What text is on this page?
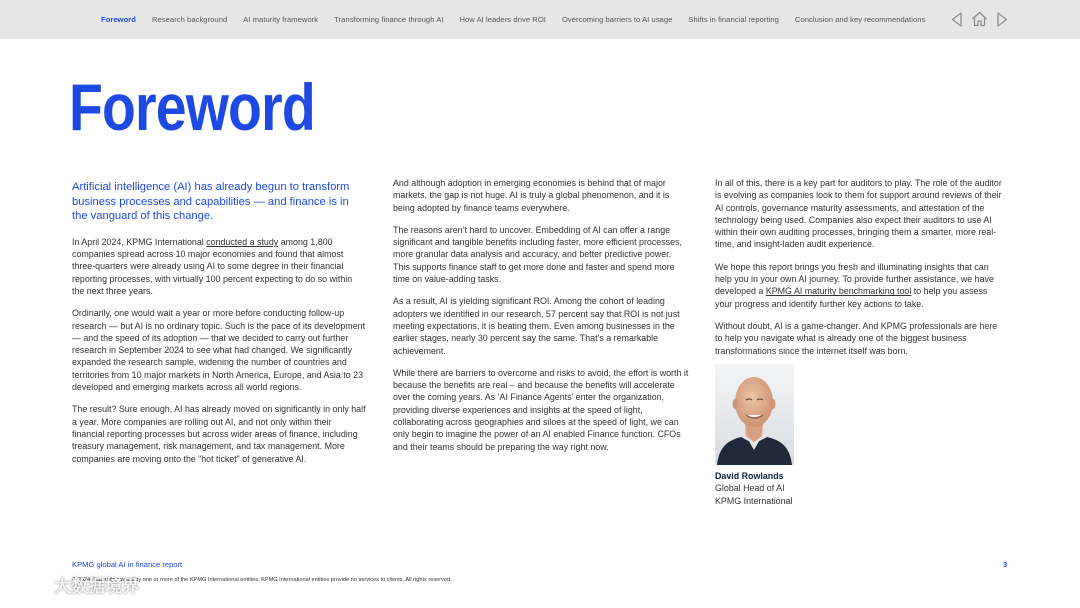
Foreword Research background AI maturity framework Transforming finance through AI How AI leaders drive ROI Overcoming barriers to AI usage Shifts in financial reporting Conclusion and key recommendations
Foreword

Artificial intelligence (AI) has already begun to transform business processes and capabilities — and finance is in the vanguard of this change.

In April 2024, KPMG International conducted a study among 1,800 companies spread across 10 major economies and found that almost three-quarters were already using AI to some degree in their financial reporting processes, with virtually 100 percent expecting to do so within the next three years.

Ordinarily, one would wait a year or more before conducting follow-up research — but AI is no ordinary topic. Such is the pace of its development — and the speed of its adoption — that we decided to carry out further research in September 2024 to see what had changed. We significantly expanded the research sample, widening the number of countries and territories from 10 major markets in North America, Europe, and Asia to 23 developed and emerging markets across all world regions.

The result? Sure enough, AI has already moved on significantly in only half a year. More companies are rolling out AI, and not only within their financial reporting processes but across wider areas of finance, including treasury management, risk management, and tax management. More companies are moving onto the “hot ticket” of generative AI.

And although adoption in emerging economies is behind that of major markets, the gap is not huge. AI is truly a global phenomenon, and it is being adopted by finance teams everywhere.

The reasons aren’t hard to uncover. Embedding of AI can offer a range significant and tangible benefits including faster, more efficient processes, more granular data analysis and accuracy, and better predictive power. This supports finance staff to get more done and faster and spend more time on value-adding tasks.

As a result, AI is yielding significant ROI. Among the cohort of leading adopters we identified in our research, 57 percent say that ROI is not just meeting expectations, it is beating them. Even among businesses in the earlier stages, nearly 30 percent say the same. That’s a remarkable achievement.

While there are barriers to overcome and risks to avoid, the effort is worth it because the benefits are real – and because the benefits will accelerate over the coming years. As ‘AI Finance Agents’ enter the organization, providing diverse experiences and insights at the speed of light, collaborating across geographies and siloes at the speed of light, we can only begin to imagine the power of an AI enabled Finance function. CFOs and their teams should be preparing the way right now.

In all of this, there is a key part for auditors to play. The role of the auditor is evolving as companies look to them for support around reviews of their AI controls, governance maturity assessments, and attestation of the technology being used. Companies also expect their auditors to use AI within their own auditing processes, bringing them a smarter, more real-time, and insight-laden audit experience.

We hope this report brings you fresh and illuminating insights that can help you in your own AI journey. To provide further assistance, we have developed a KPMG AI maturity benchmarking tool to help you assess your progress and identify further key actions to take.

Without doubt, AI is a game-changer. And KPMG professionals are here to help you navigate what is already one of the biggest business transformations since the internet itself was born.

David Rowlands
Global Head of AI
KPMG International
KPMG global AI in finance report	3
© 2024 Copyright owned by one or more of the KPMG International entities. KPMG International entities provide no services to clients. All rights reserved.
大数据境界
